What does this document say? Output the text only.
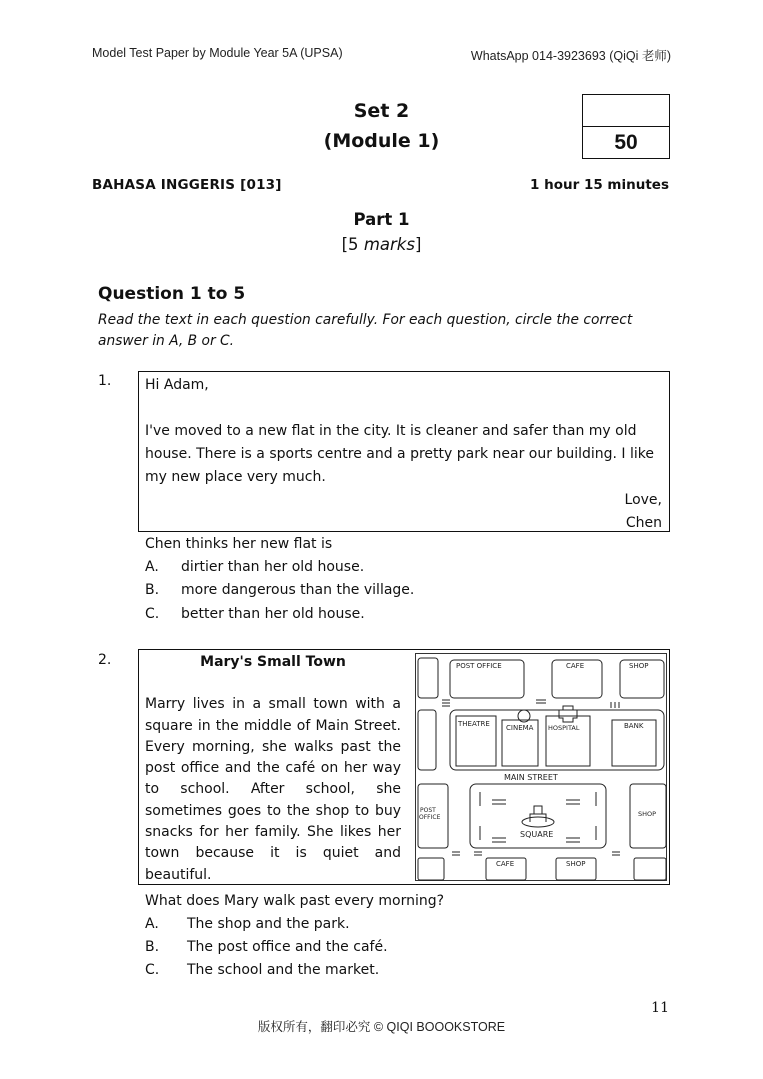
Model Test Paper by Module Year 5A (UPSA)	WhatsApp 014-3923693 (QiQi 老师)
Set 2
(Module 1)	50
BAHASA INGGERIS [013]	1 hour 15 minutes
Part 1
[5 marks]
Question 1 to 5
Read the text in each question carefully. For each question, circle the correct answer in A, B or C.
1. Hi Adam,

I've moved to a new flat in the city. It is cleaner and safer than my old house. There is a sports centre and a pretty park near our building. I like my new place very much.

Love,

Chen

Chen thinks her new flat is
A. dirtier than her old house.
B. more dangerous than the village.
C. better than her old house.
2.	Mary's Small Town
Marry lives in a small town with a square in the middle of Main Street. Every morning, she walks past the post office and the café on her way to school. After school, she sometimes goes to the shop to buy snacks for her family. She likes her town because it is quiet and beautiful.
POST OFFICE	CAFE	SHOP
THEATRE CINEMA HOSPITAL	BANK
MAIN STREET
POST
OFFICE	SHOP
SQUARE
CAFE	SHOP
What does Mary walk past every morning?
A. The shop and the park.
B. The post office and the café.
C. The school and the market.
11
版权所有，翻印必究 © QIQI BOOOKSTORE
